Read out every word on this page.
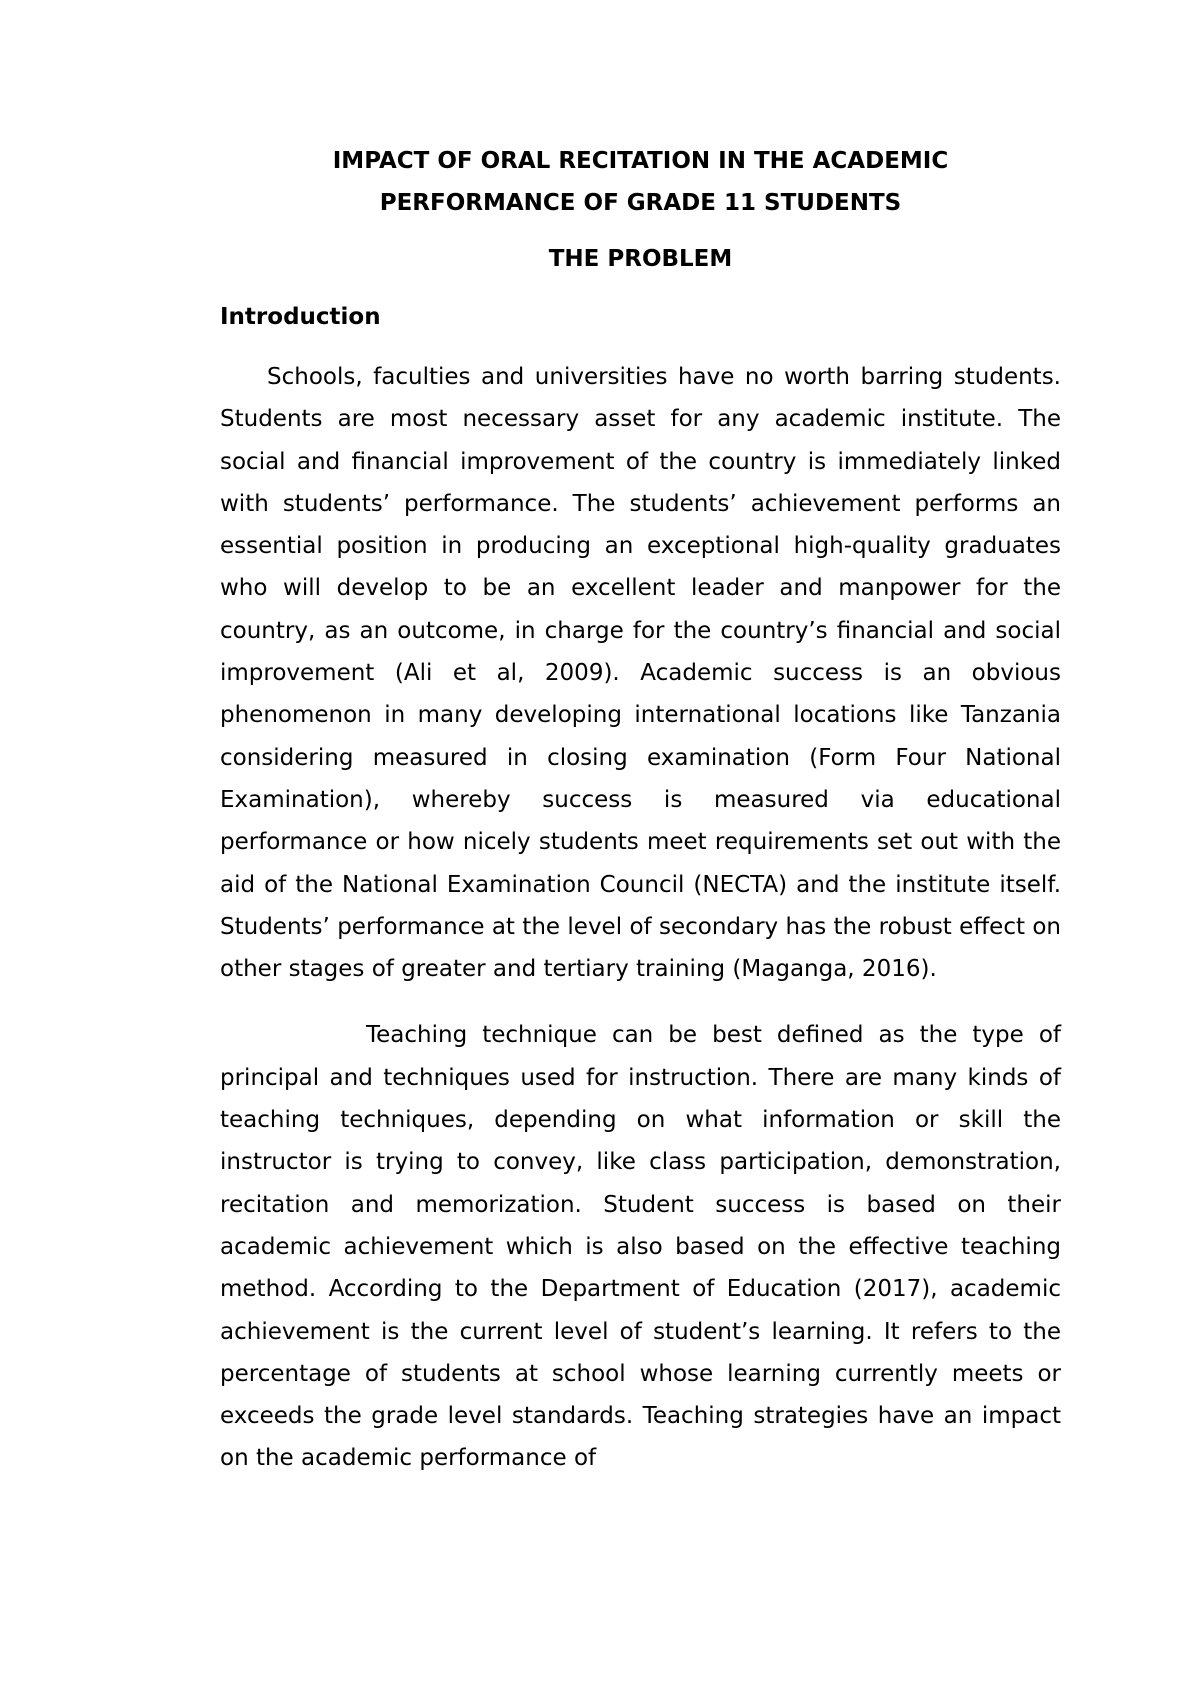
IMPACT OF ORAL RECITATION IN THE ACADEMIC
PERFORMANCE OF GRADE 11 STUDENTS
THE PROBLEM
Introduction

Schools, faculties and universities have no worth barring students. Students are most necessary asset for any academic institute. The social and financial improvement of the country is immediately linked with students’ performance. The students’ achievement performs an essential position in producing an exceptional high-quality graduates who will develop to be an excellent leader and manpower for the country, as an outcome, in charge for the country’s financial and social improvement (Ali et al, 2009). Academic success is an obvious phenomenon in many developing international locations like Tanzania considering measured in closing examination (Form Four National Examination), whereby success is measured via educational performance or how nicely students meet requirements set out with the aid of the National Examination Council (NECTA) and the institute itself. Students’ performance at the level of secondary has the robust effect on other stages of greater and tertiary training (Maganga, 2016).

Teaching technique can be best defined as the type of principal and techniques used for instruction. There are many kinds of teaching techniques, depending on what information or skill the instructor is trying to convey, like class participation, demonstration, recitation and memorization. Student success is based on their academic achievement which is also based on the effective teaching method. According to the Department of Education (2017), academic achievement is the current level of student’s learning. It refers to the percentage of students at school whose learning currently meets or exceeds the grade level standards. Teaching strategies have an impact on the academic performance of
